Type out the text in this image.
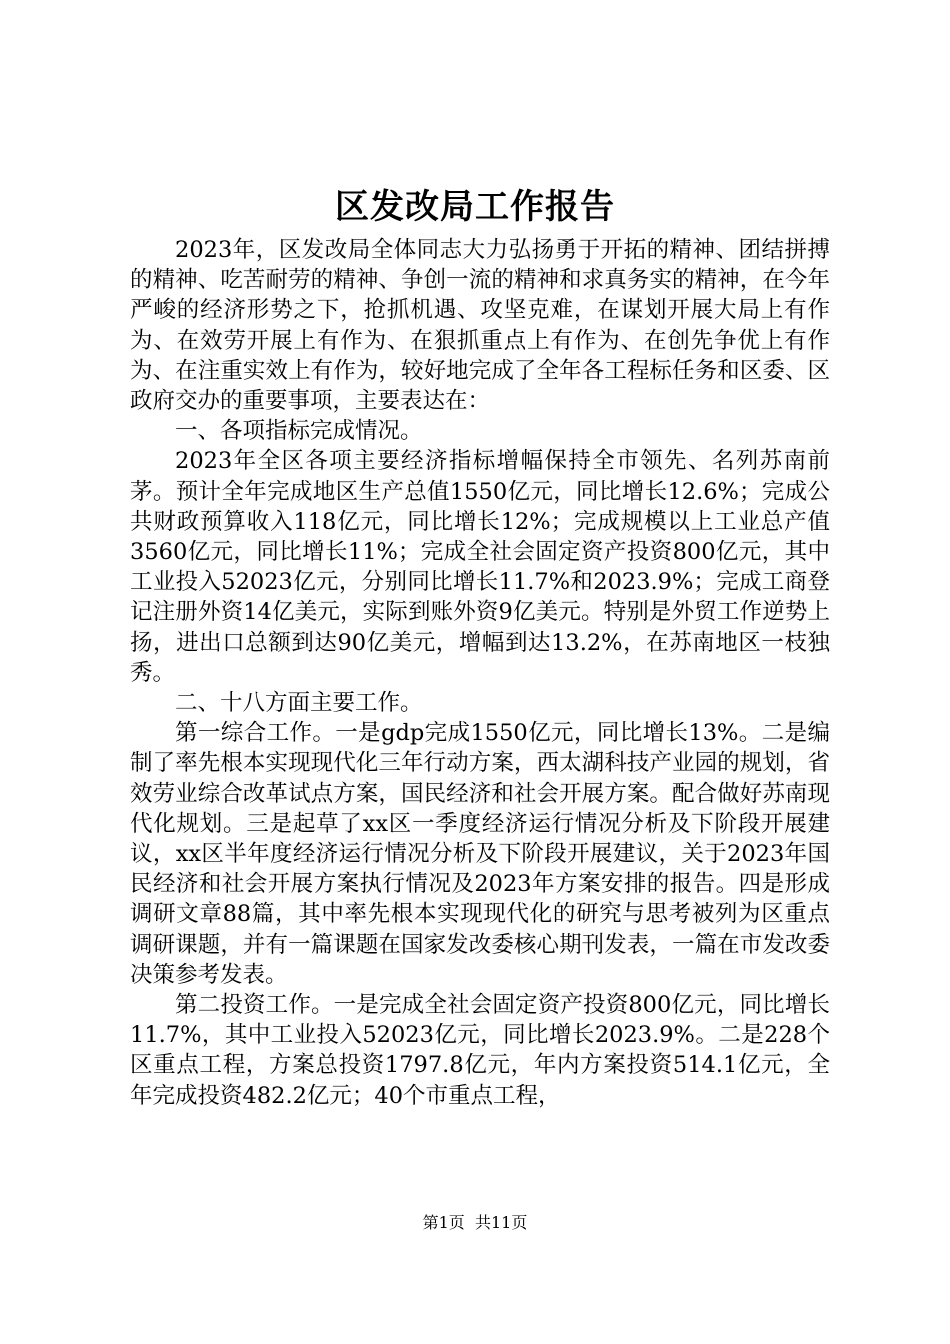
区发改局工作报告

2023年，区发改局全体同志大力弘扬勇于开拓的精神、团结拼搏的精神、吃苦耐劳的精神、争创一流的精神和求真务实的精神，在今年严峻的经济形势之下，抢抓机遇、攻坚克难，在谋划开展大局上有作为、在效劳开展上有作为、在狠抓重点上有作为、在创先争优上有作为、在注重实效上有作为，较好地完成了全年各工程标任务和区委、区政府交办的重要事项，主要表达在：

一、各项指标完成情况。

2023年全区各项主要经济指标增幅保持全市领先、名列苏南前茅。预计全年完成地区生产总值1550亿元，同比增长12.6%；完成公共财政预算收入118亿元，同比增长12%；完成规模以上工业总产值3560亿元，同比增长11%；完成全社会固定资产投资800亿元，其中工业投入52023亿元，分别同比增长11.7%和2023.9%；完成工商登记注册外资14亿美元，实际到账外资9亿美元。特别是外贸工作逆势上扬，进出口总额到达90亿美元，增幅到达13.2%，在苏南地区一枝独秀。

二、十八方面主要工作。

第一综合工作。一是gdp完成1550亿元，同比增长13%。二是编制了率先根本实现现代化三年行动方案，西太湖科技产业园的规划，省效劳业综合改革试点方案，国民经济和社会开展方案。配合做好苏南现代化规划。三是起草了xx区一季度经济运行情况分析及下阶段开展建议，xx区半年度经济运行情况分析及下阶段开展建议，关于2023年国民经济和社会开展方案执行情况及2023年方案安排的报告。四是形成调研文章88篇，其中率先根本实现现代化的研究与思考被列为区重点调研课题，并有一篇课题在国家发改委核心期刊发表，一篇在市发改委决策参考发表。

第二投资工作。一是完成全社会固定资产投资800亿元，同比增长11.7%，其中工业投入52023亿元，同比增长2023.9%。二是228个区重点工程，方案总投资1797.8亿元，年内方案投资514.1亿元，全年完成投资482.2亿元；40个市重点工程，

第1页 共11页
